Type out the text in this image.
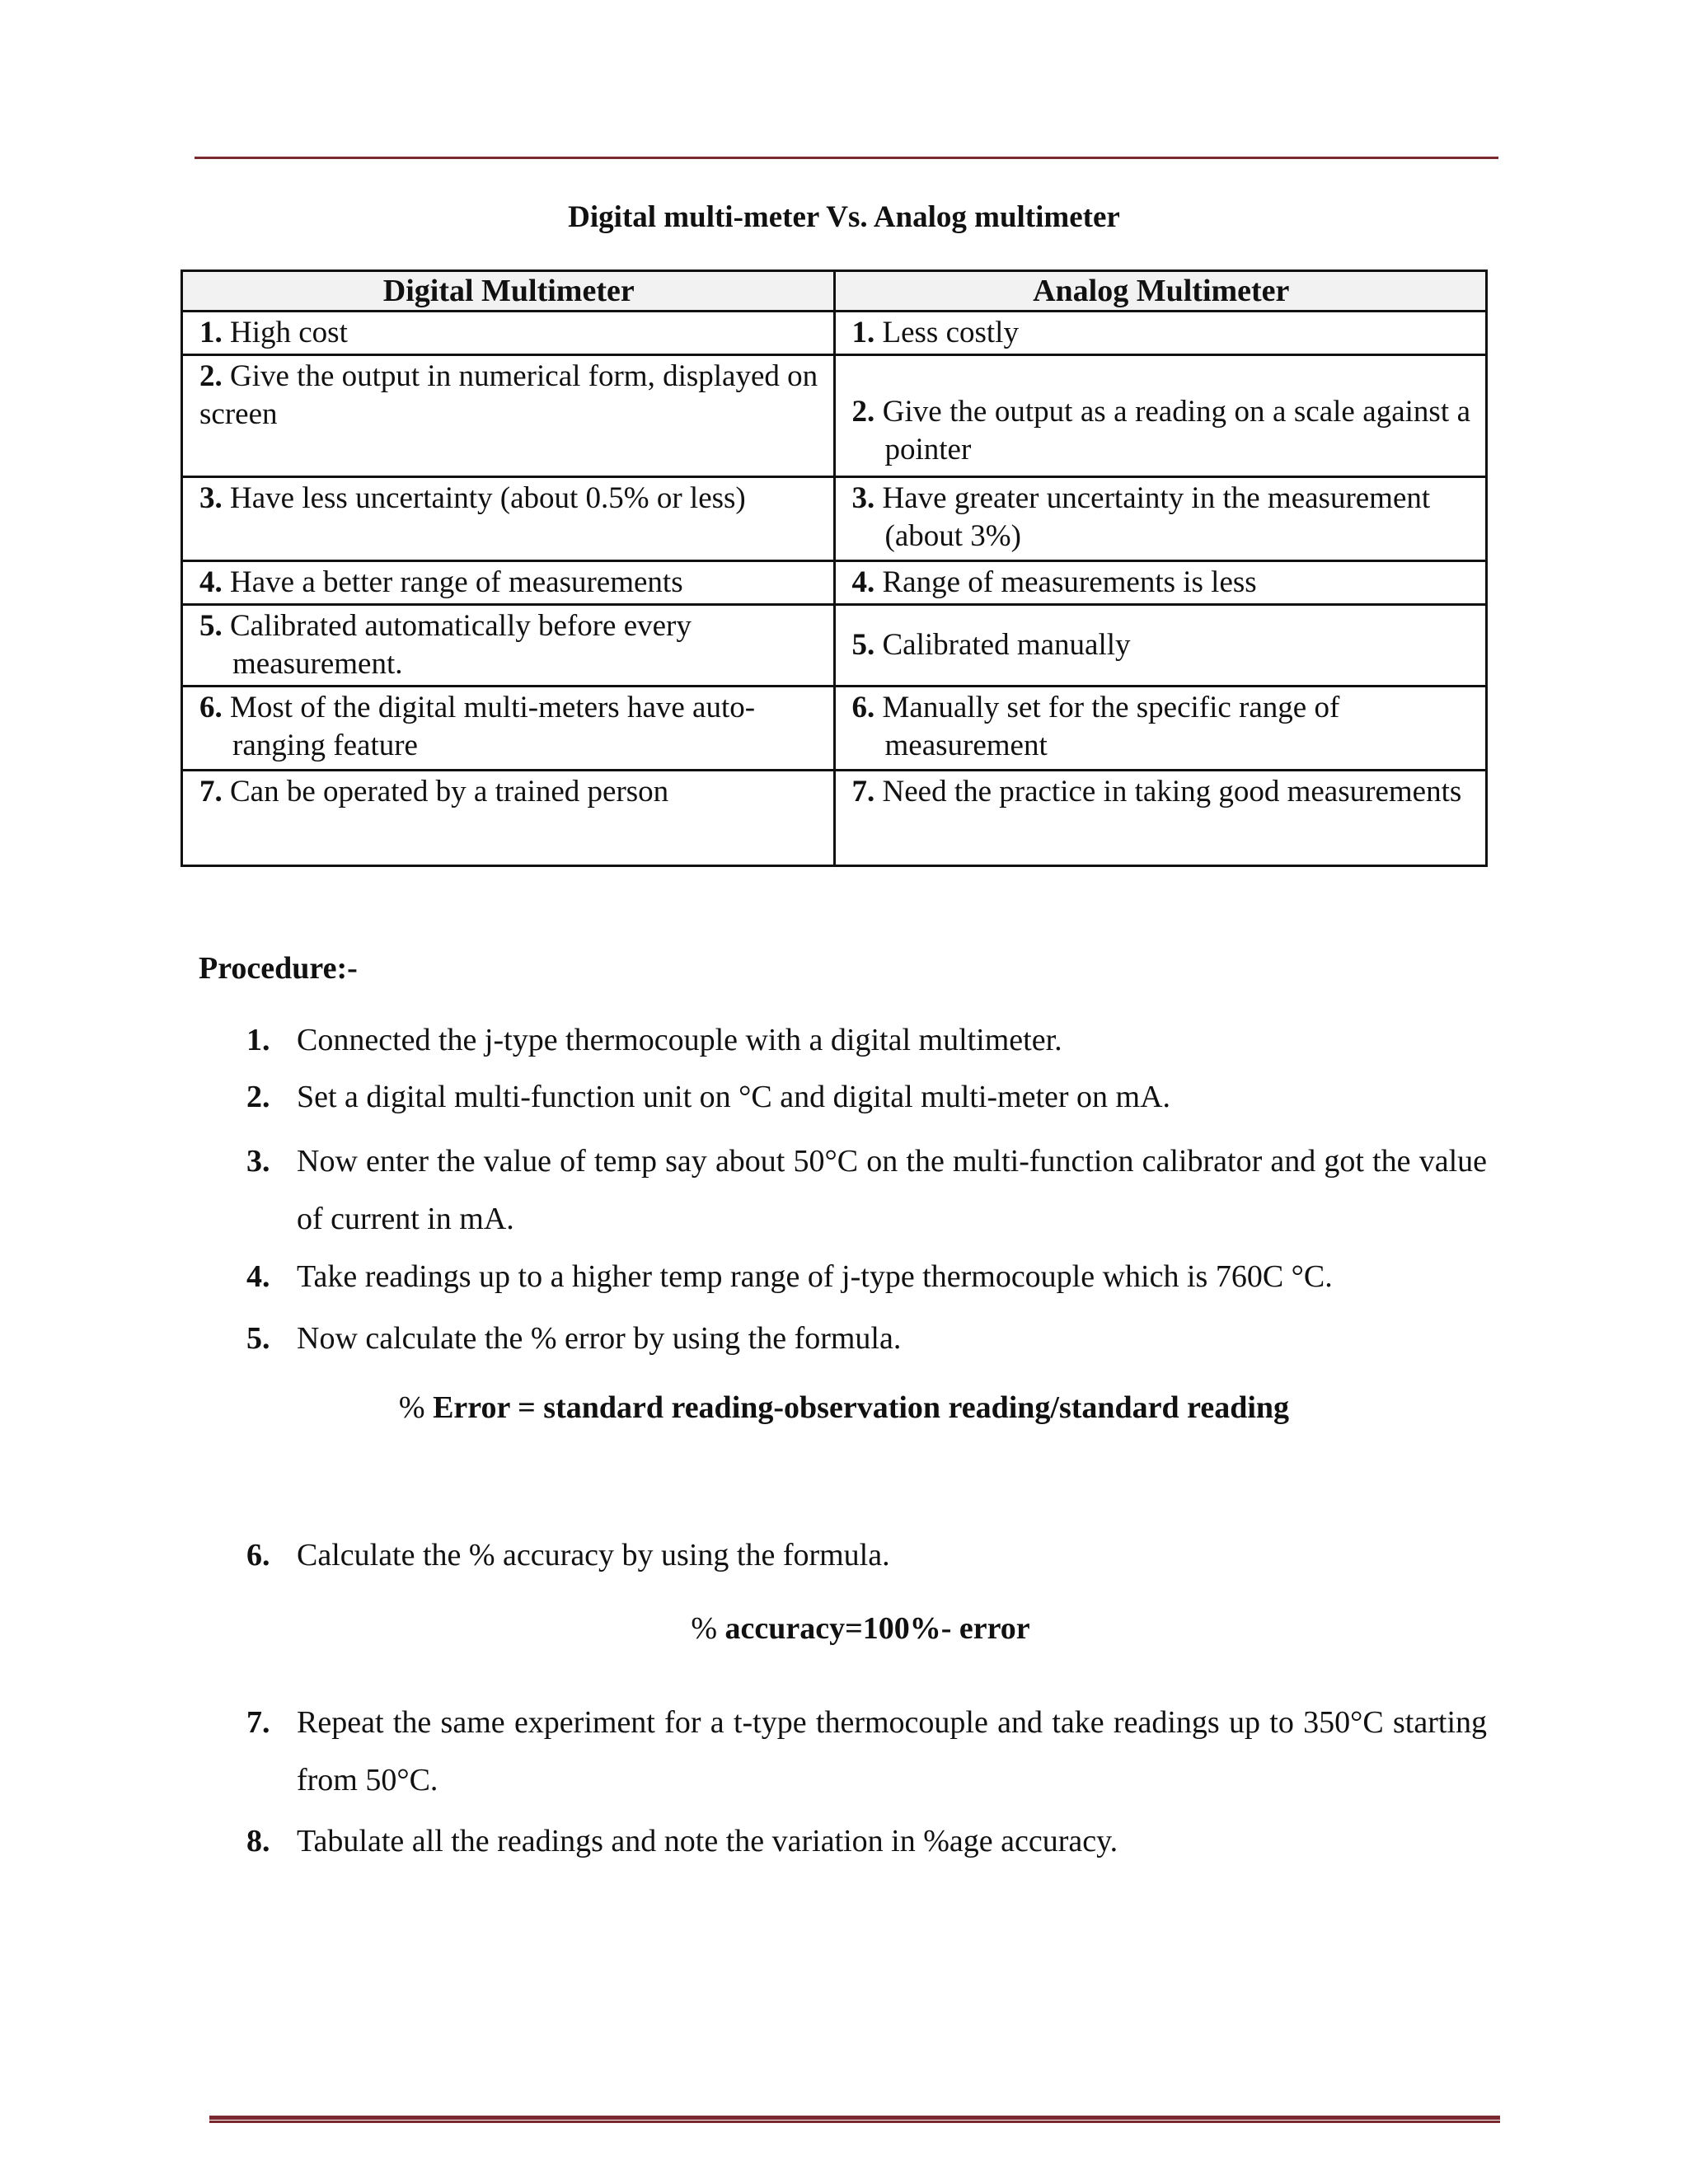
Digital multi-meter Vs. Analog multimeter
Digital Multimeter	Analog Multimeter
1. High cost	1. Less costly
2. Give the output in numerical form, displayed on screen	2. Give the output as a reading on a scale against a pointer

3. Have less uncertainty (about 0.5% or less)	3. Have greater uncertainty in the measurement (about 3%)

4. Have a better range of measurements	4. Range of measurements is less

5. Calibrated automatically before every measurement.	5. Calibrated manually

6. Most of the digital multi-meters have auto-ranging feature	6. Manually set for the specific range of measurement

7. Can be operated by a trained person	7. Need the practice in taking good measurements
Procedure:-
1. Connected the j-type thermocouple with a digital multimeter.
2. Set a digital multi-function unit on °C and digital multi-meter on mA.
3. Now enter the value of temp say about 50°C on the multi-function calibrator and got the value of current in mA.
4. Take readings up to a higher temp range of j-type thermocouple which is 760C °C.
5. Now calculate the % error by using the formula.
% Error = standard reading-observation reading/standard reading
6. Calculate the % accuracy by using the formula.
% accuracy=100%- error
7. Repeat the same experiment for a t-type thermocouple and take readings up to 350°C starting from 50°C.
8. Tabulate all the readings and note the variation in %age accuracy.
